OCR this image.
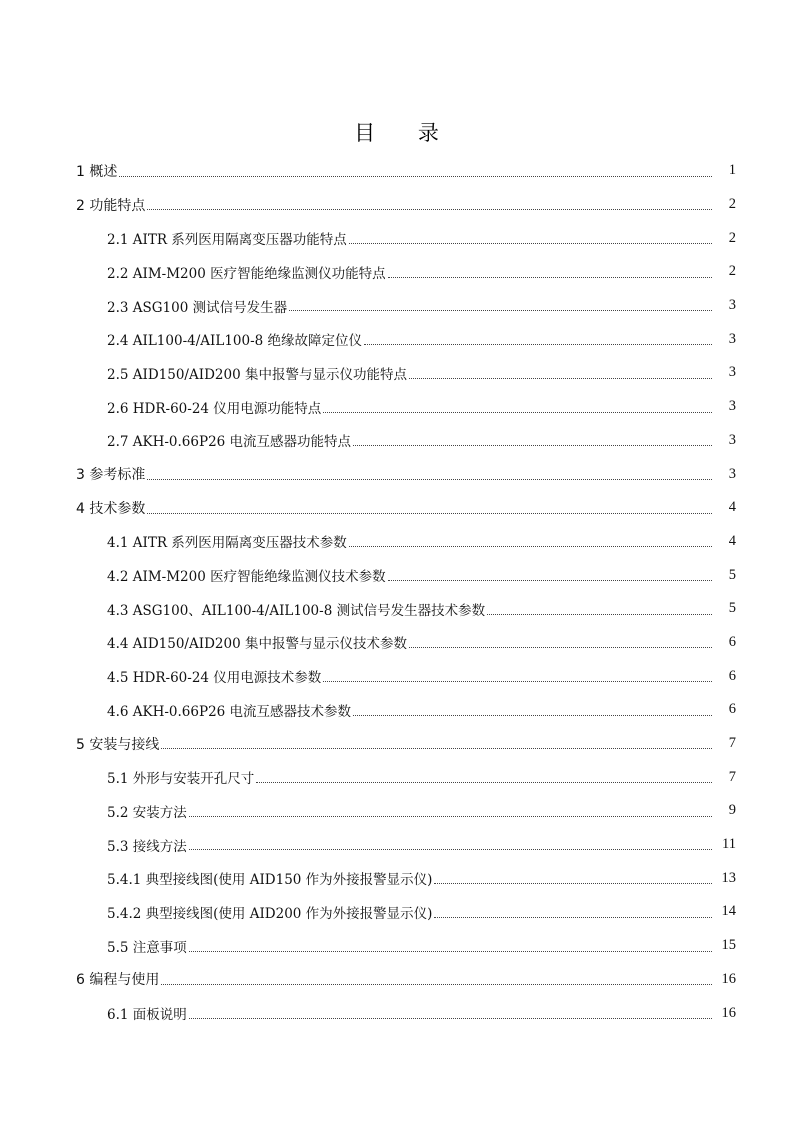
目 录
1 概述	1
2 功能特点	2
2.1 AITR 系列医用隔离变压器功能特点	2
2.2 AIM-M200 医疗智能绝缘监测仪功能特点	2
2.3 ASG100 测试信号发生器	3
2.4 AIL100-4/AIL100-8 绝缘故障定位仪	3
2.5 AID150/AID200 集中报警与显示仪功能特点	3
2.6 HDR-60-24 仪用电源功能特点	3
2.7 AKH-0.66P26 电流互感器功能特点	3
3 参考标准	3
4 技术参数	4
4.1 AITR 系列医用隔离变压器技术参数	4
4.2 AIM-M200 医疗智能绝缘监测仪技术参数	5
4.3 ASG100、AIL100-4/AIL100-8 测试信号发生器技术参数	5
4.4 AID150/AID200 集中报警与显示仪技术参数	6
4.5 HDR-60-24 仪用电源技术参数	6
4.6 AKH-0.66P26 电流互感器技术参数	6
5 安装与接线	7
5.1 外形与安装开孔尺寸	7
5.2 安装方法	9
5.3 接线方法	11
5.4.1 典型接线图(使用 AID150 作为外接报警显示仪)	13
5.4.2 典型接线图(使用 AID200 作为外接报警显示仪)	14
5.5 注意事项	15
6 编程与使用	16
6.1 面板说明	16
